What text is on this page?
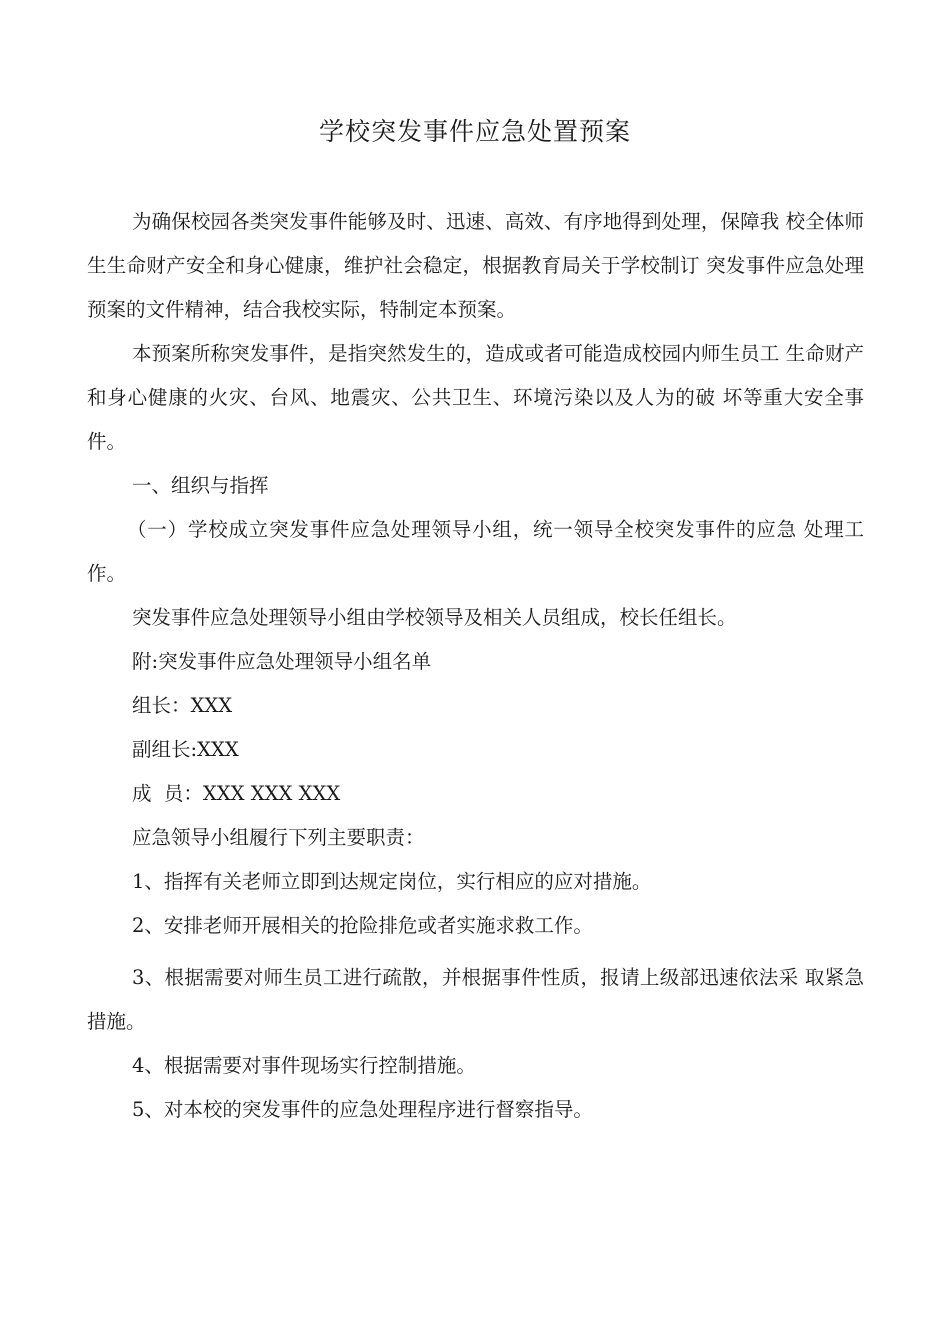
学校突发事件应急处置预案

为确保校园各类突发事件能够及时、迅速、高效、有序地得到处理，保障我 校全体师生生命财产安全和身心健康，维护社会稳定，根据教育局关于学校制订 突发事件应急处理预案的文件精神，结合我校实际，特制定本预案。

本预案所称突发事件，是指突然发生的，造成或者可能造成校园内师生员工 生命财产和身心健康的火灾、台风、地震灾、公共卫生、环境污染以及人为的破 坏等重大安全事件。

一、组织与指挥

（一）学校成立突发事件应急处理领导小组，统一领导全校突发事件的应急 处理工作。

突发事件应急处理领导小组由学校领导及相关人员组成，校长任组长。

附:突发事件应急处理领导小组名单

组长：XXX

副组长:XXX

成  员：XXX XXX XXX

应急领导小组履行下列主要职责：

1、指挥有关老师立即到达规定岗位，实行相应的应对措施。

2、安排老师开展相关的抢险排危或者实施求救工作。

3、根据需要对师生员工进行疏散，并根据事件性质，报请上级部迅速依法采 取紧急措施。

4、根据需要对事件现场实行控制措施。

5、对本校的突发事件的应急处理程序进行督察指导。
